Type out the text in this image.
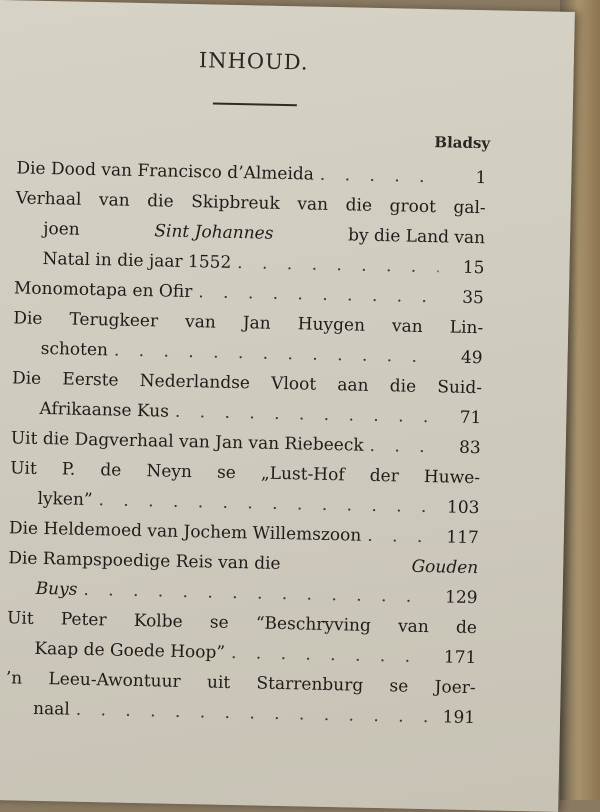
INHOUD.
Bladsy
Die Dood van Francisco d’Almeida . . .	1
Verhaal van die Skipbreuk van die groot gal-
joen	Sint Johannes	by die Land van
Natal in die jaar 1552 . . .	15
Monomotapa en Ofir . . .	35
Die Terugkeer van Jan Huygen van Lin-
schoten . . .	49
Die Eerste Nederlandse Vloot aan die Suid-
Afrikaanse Kus . . .	71
Uit die Dagverhaal van Jan van Riebeeck . . .	83
Uit P. de Neyn se „Lust-Hof der Huwe-
lyken” . . .	103
Die Heldemoed van Jochem Willemszoon . . .	117
Die Rampspoedige Reis van die	Gouden
Buys . . .	129
Uit Peter Kolbe se “Beschryving van de
Kaap de Goede Hoop” . . .	171
’n Leeu-Awontuur uit Starrenburg se Joer-
naal . . .	191
